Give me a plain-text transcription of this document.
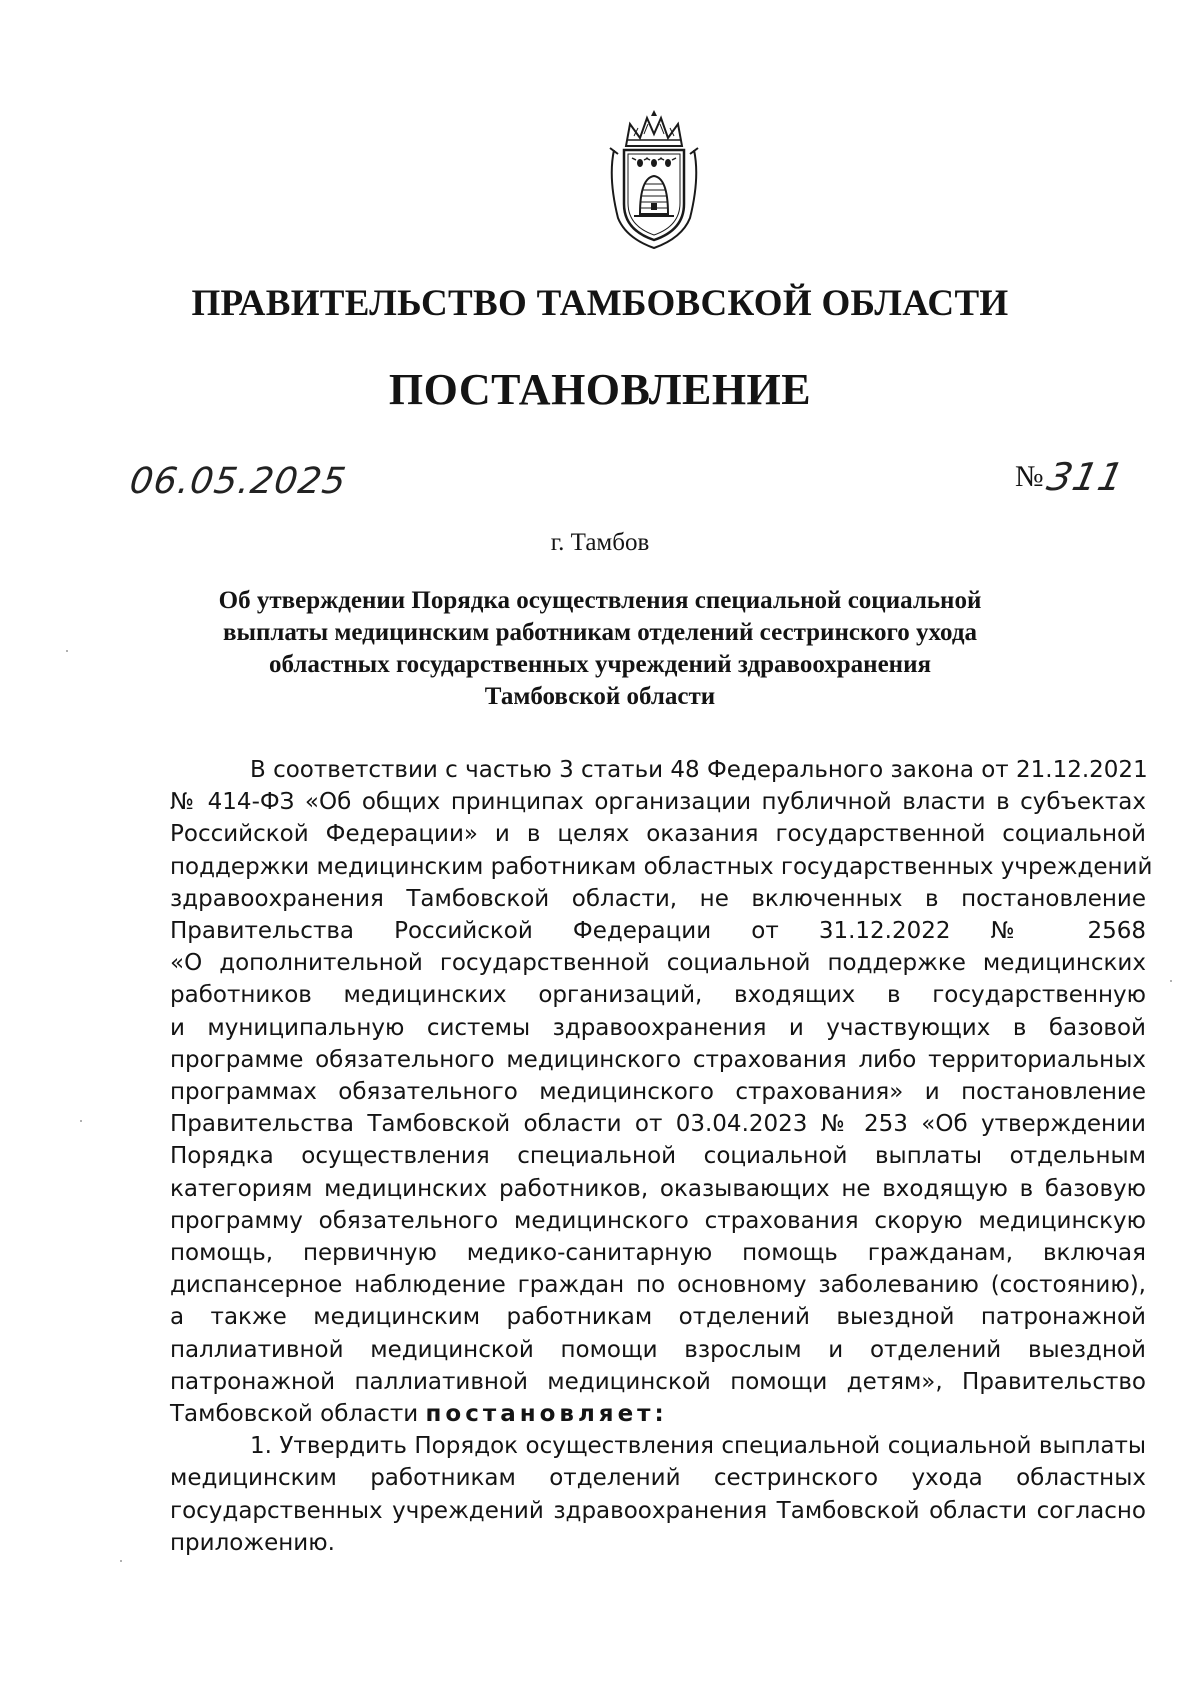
ПРАВИТЕЛЬСТВО ТАМБОВСКОЙ ОБЛАСТИ
ПОСТАНОВЛЕНИЕ
06.05.2025	№311

г. Тамбов

Об утверждении Порядка осуществления специальной социальной
выплаты медицинским работникам отделений сестринского ухода
областных государственных учреждений здравоохранения
Тамбовской области

В соответствии с частью 3 статьи 48 Федерального закона от 21.12.2021
№ 414-ФЗ «Об общих принципах организации публичной власти в субъектах
Российской Федерации» и в целях оказания государственной социальной
поддержки медицинским работникам областных государственных учреждений
здравоохранения Тамбовской области, не включенных в постановление
Правительства Российской Федерации от 31.12.2022 № 2568
«О дополнительной государственной социальной поддержке медицинских
работников медицинских организаций, входящих в государственную
и муниципальную системы здравоохранения и участвующих в базовой
программе обязательного медицинского страхования либо территориальных
программах обязательного медицинского страхования» и постановление
Правительства Тамбовской области от 03.04.2023 № 253 «Об утверждении
Порядка осуществления специальной социальной выплаты отдельным
категориям медицинских работников, оказывающих не входящую в базовую
программу обязательного медицинского страхования скорую медицинскую
помощь, первичную медико-санитарную помощь гражданам, включая
диспансерное наблюдение граждан по основному заболеванию (состоянию),
а также медицинским работникам отделений выездной патронажной
паллиативной медицинской помощи взрослым и отделений выездной
патронажной паллиативной медицинской помощи детям», Правительство
Тамбовской области постановляет:

1. Утвердить Порядок осуществления специальной социальной выплаты
медицинским работникам отделений сестринского ухода областных
государственных учреждений здравоохранения Тамбовской области согласно
приложению.
